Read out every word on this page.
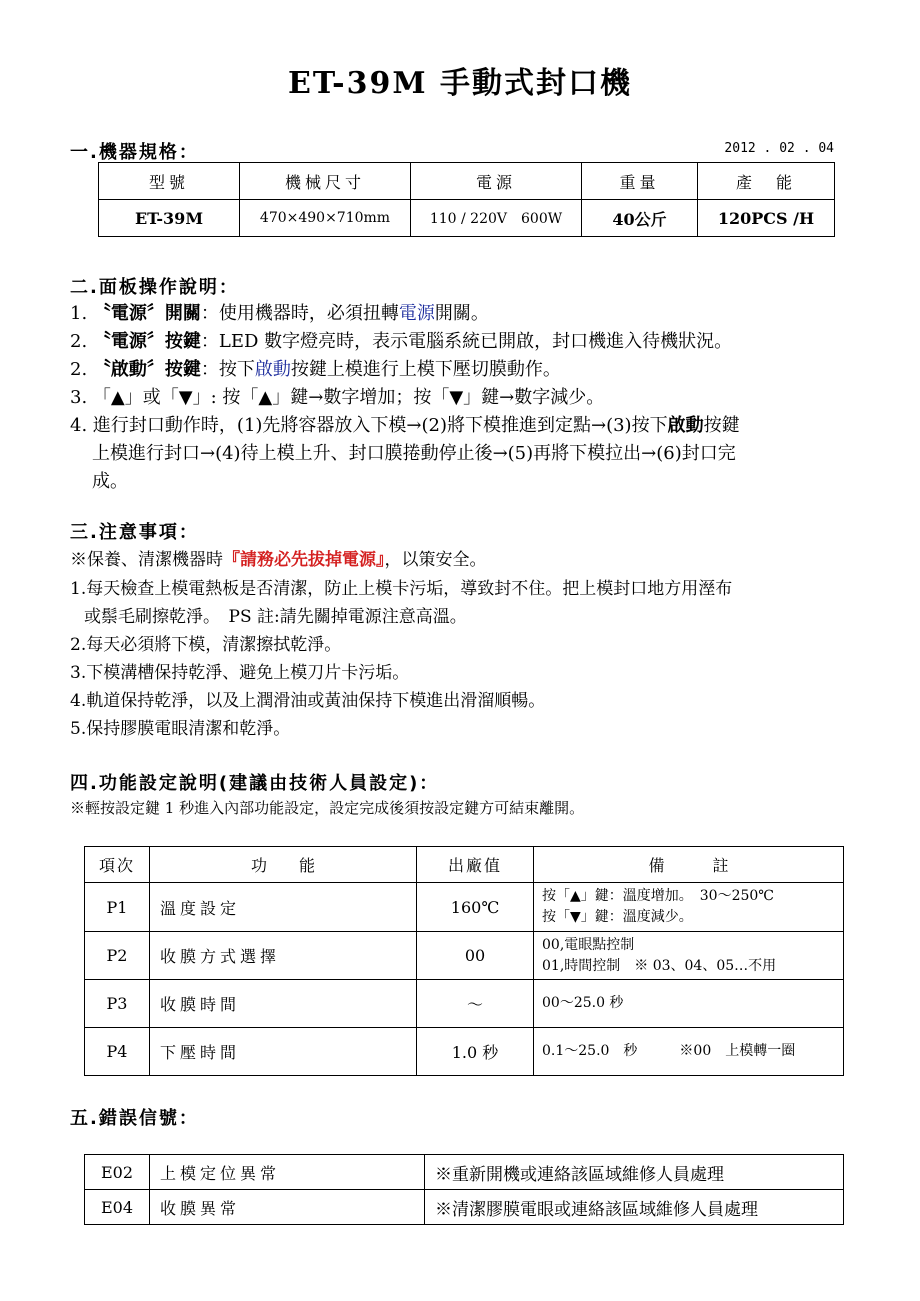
ET-39M 手動式封口機
一.機器規格：	2012 . 02 . 04
型號	機械尺寸	電源	重量	產　能
ET-39M	470×490×710mm	110 / 220V　600W	40公斤	120PCS /H
二.面板操作說明：
1. 〝電源〞開關：使用機器時，必須扭轉電源開關。
2. 〝電源〞按鍵：LED 數字燈亮時，表示電腦系統已開啟，封口機進入待機狀況。
2. 〝啟動〞按鍵：按下啟動按鍵上模進行上模下壓切膜動作。
3. 「▲」或「▼」: 按「▲」鍵→數字增加；按「▼」鍵→數字減少。
4. 進行封口動作時，(1)先將容器放入下模→(2)將下模推進到定點→(3)按下啟動按鍵
上模進行封口→(4)待上模上升、封口膜捲動停止後→(5)再將下模拉出→(6)封口完
成。
三.注意事項：
※保養、清潔機器時『請務必先拔掉電源』，以策安全。
1.每天檢查上模電熱板是否清潔，防止上模卡污垢，導致封不住。把上模封口地方用溼布
或鬃毛刷擦乾淨。　PS 註:請先關掉電源注意高溫。
2.每天必須將下模，清潔擦拭乾淨。
3.下模溝槽保持乾淨、避免上模刀片卡污垢。
4.軌道保持乾淨，以及上潤滑油或黃油保持下模進出滑溜順暢。
5.保持膠膜電眼清潔和乾淨。
四.功能設定說明(建議由技術人員設定)：
※輕按設定鍵 1 秒進入內部功能設定，設定完成後須按設定鍵方可結束離開。
項次	功　　能	出廠值	備　　　註
P1	溫度設定	160℃	按「▲」鍵：溫度增加。　30～250℃
按「▼」鍵：溫度減少。

P2	收膜方式選擇	00	00,電眼點控制
01,時間控制　※ 03、04、05…不用

P3	收膜時間	～	00～25.0 秒
P4	下壓時間	1.0 秒	0.1～25.0　秒　　　※00　上模轉一圈
五.錯誤信號：
E02	上模定位異常	※重新開機或連絡該區域維修人員處理
E04	收膜異常	※清潔膠膜電眼或連絡該區域維修人員處理
